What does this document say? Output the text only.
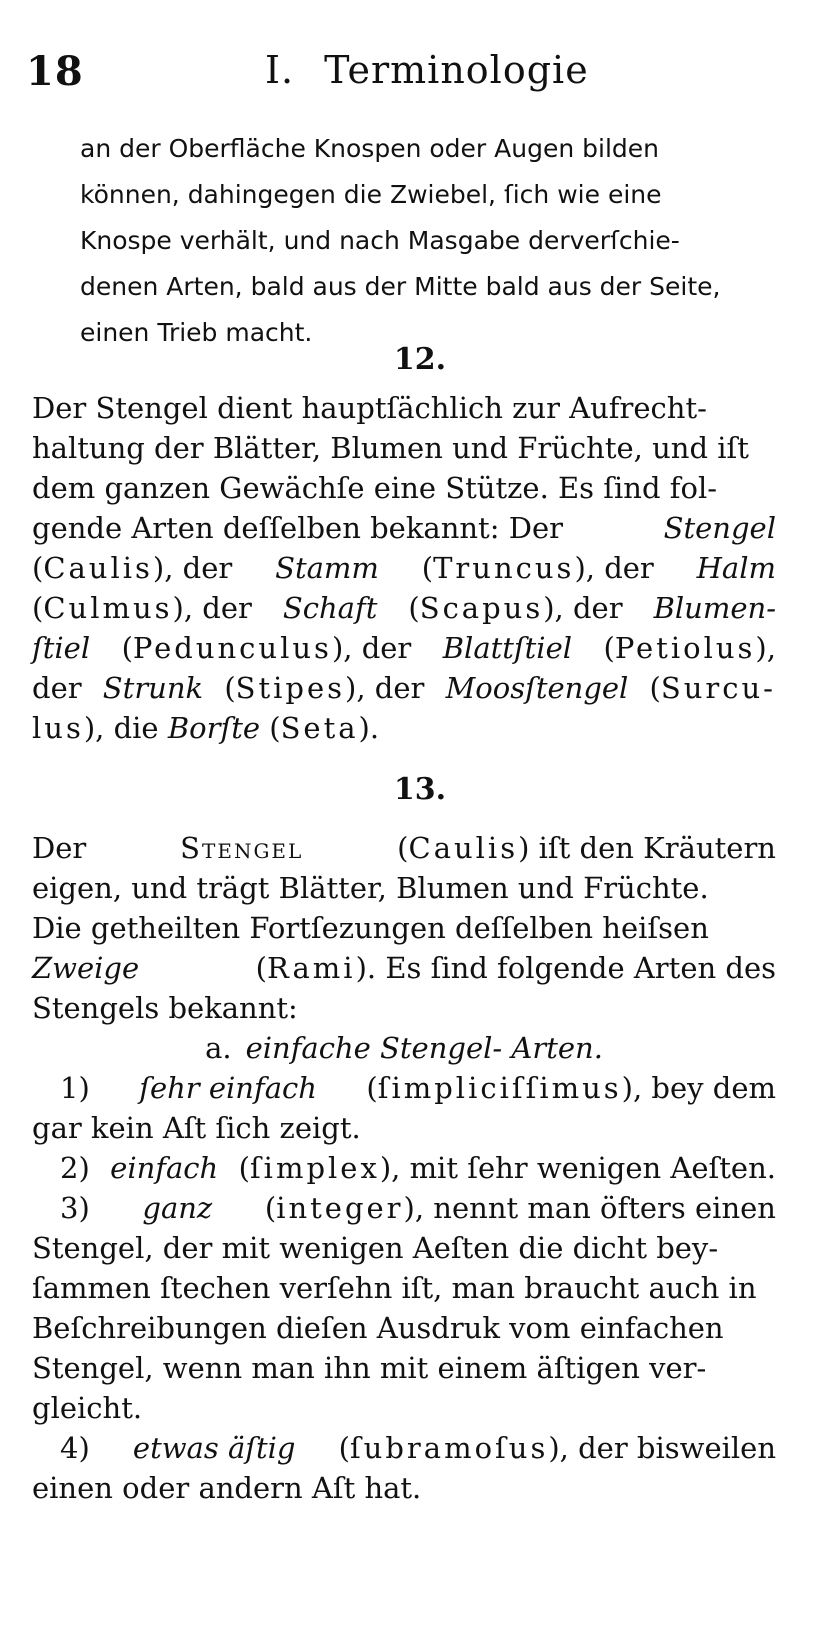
18	I. Terminologie
an der Oberfläche Knospen oder Augen bilden
können, dahingegen die Zwiebel, ſich wie eine
Knospe verhält, und nach Masgabe derverſchie-
denen Arten, bald aus der Mitte bald aus der Seite,
einen Trieb macht.
12.
Der Stengel dient hauptſächlich zur Aufrecht-
haltung der Blätter, Blumen und Früchte, und iſt
dem ganzen Gewächſe eine Stütze. Es ſind fol-
gende Arten deſſelben bekannt: Der	Stengel
(Caulis), der Stamm (Truncus), der Halm
(Culmus), der Schaft (Scapus), der Blumen-
ſtiel (Pedunculus), der Blattſtiel (Petiolus),
der Strunk (Stipes), der Moosſtengel (Surcu-
lus ), die
Borſte
( Seta ).
13.
Der	Stengel	(Caulis) iſt den Kräutern
eigen, und trägt Blätter, Blumen und Früchte.
Die getheilten Fortſezungen deſſelben heiſsen
Zweige	(Rami). Es ſind folgende Arten des
Stengels bekannt:
a. einfache Stengel- Arten.
1) ſehr einfach (ſimpliciſſimus), bey dem
gar kein Aſt ſich zeigt.
2) einfach (ſimplex), mit ſehr wenigen Aeſten.
3) ganz (integer), nennt man öfters einen
Stengel, der mit wenigen Aeſten die dicht bey-
ſammen ſtechen verſehn iſt, man braucht auch in
Beſchreibungen dieſen Ausdruk vom einfachen
Stengel, wenn man ihn mit einem äſtigen ver-
gleicht.
4) etwas äſtig (ſubramoſus), der bisweilen
einen oder andern Aſt hat.
